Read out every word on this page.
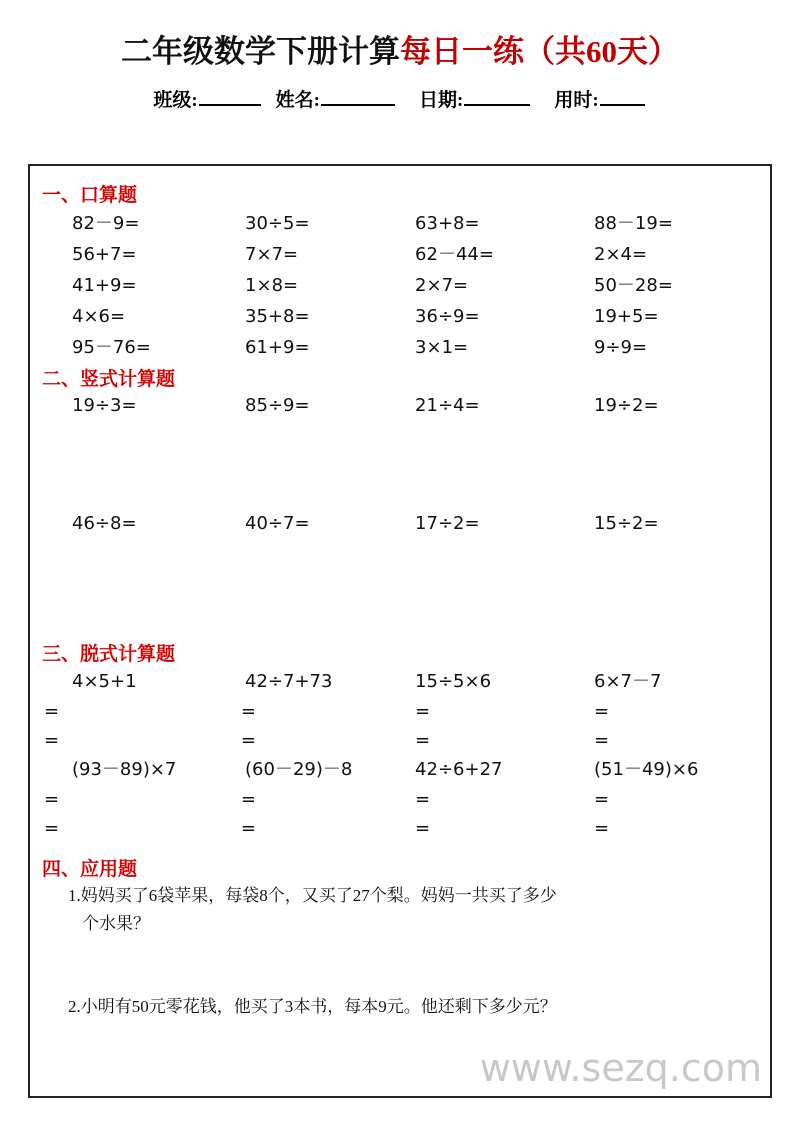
二年级数学下册计算每日一练（共60天）
班级:	姓名:	日期:	用时:
一、口算题
82－9=	30÷5=	63+8=	88－19=
56+7=	7×7=	62－44=	2×4=
41+9=	1×8=	2×7=	50－28=
4×6=	35+8=	36÷9=	19+5=
95－76=	61+9=	3×1=	9÷9=
二、竖式计算题
19÷3=	85÷9=	21÷4=	19÷2=
46÷8=	40÷7=	17÷2=	15÷2=
三、脱式计算题
4×5+1	42÷7+73	15÷5×6	6×7－7
=	=	=	=
=	=	=	=
(93－89)×7	(60－29)－8	42÷6+27	(51－49)×6
=	=	=	=
=	=	=	=
四、应用题
1.妈妈买了6袋苹果，每袋8个，又买了27个梨。妈妈一共买了多少
个水果？
2.小明有50元零花钱，他买了3本书，每本9元。他还剩下多少元？
www.sezq.com
